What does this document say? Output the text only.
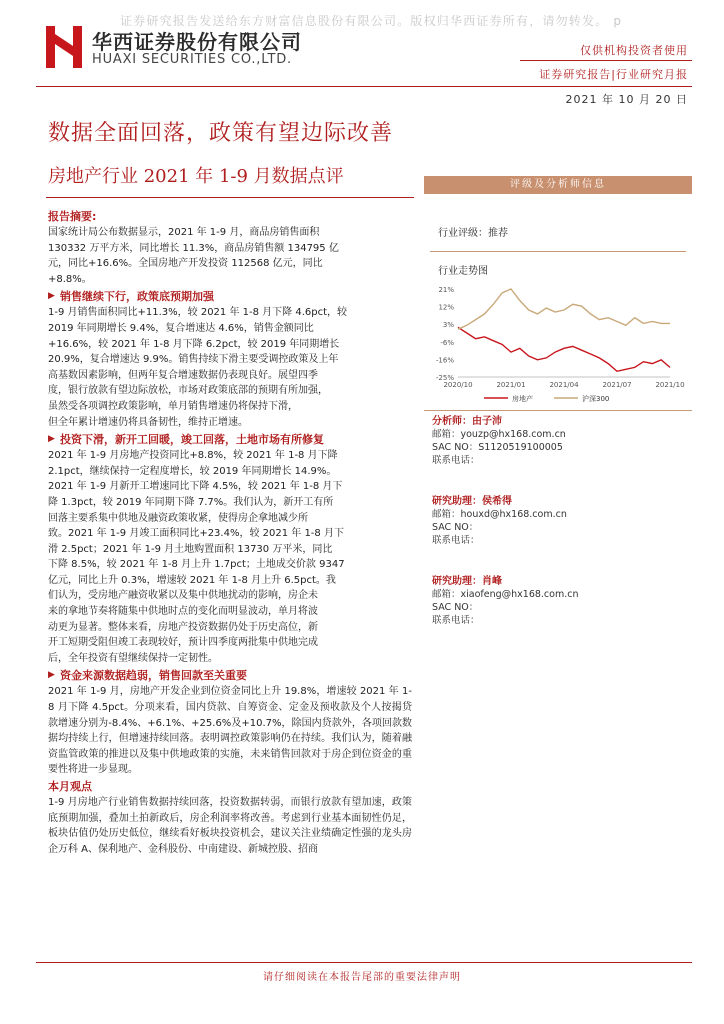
证券研究报告发送给东方财富信息股份有限公司。版权归华西证券所有，请勿转发。 p
华西证券股份有限公司
HUAXI SECURITIES CO.,LTD.
仅供机构投资者使用
证券研究报告|行业研究月报
2021 年 10 月 20 日
数据全面回落，政策有望边际改善
房地产行业 2021 年 1-9 月数据点评
报告摘要:

国家统计局公布数据显示，2021 年 1-9 月，商品房销售面积

130332 万平方米，同比增长 11.3%，商品房销售额 134795 亿

元，同比+16.6%。全国房地产开发投资 112568 亿元，同比

+8.8%。

▶ 销售继续下行，政策底预期加强

1-9 月销售面积同比+11.3%，较 2021 年 1-8 月下降 4.6pct，较

2019 年同期增长 9.4%，复合增速达 4.6%，销售金额同比

+16.6%，较 2021 年 1-8 月下降 6.2pct，较 2019 年同期增长

20.9%，复合增速达 9.9%。销售持续下滑主要受调控政策及上年

高基数因素影响，但两年复合增速数据仍表现良好。展望四季

度，银行放款有望边际放松，市场对政策底部的预期有所加强，

虽然受各项调控政策影响，单月销售增速仍将保持下滑，

但全年累计增速仍将具备韧性，维持正增速。

▶ 投资下滑，新开工回暖，竣工回落，土地市场有所修复

2021 年 1-9 月房地产投资同比+8.8%，较 2021 年 1-8 月下降

2.1pct，继续保持一定程度增长，较 2019 年同期增长 14.9%。

2021 年 1-9 月新开工增速同比下降 4.5%，较 2021 年 1-8 月下

降 1.3pct，较 2019 年同期下降 7.7%。我们认为，新开工有所

回落主要系集中供地及融资政策收紧，使得房企拿地减少所

致。2021 年 1-9 月竣工面积同比+23.4%，较 2021 年 1-8 月下

滑 2.5pct；2021 年 1-9 月土地购置面积 13730 万平米，同比

下降 8.5%，较 2021 年 1-8 月上升 1.7pct；土地成交价款 9347

亿元，同比上升 0.3%，增速较 2021 年 1-8 月上升 6.5pct。我

们认为，受房地产融资收紧以及集中供地扰动的影响，房企未

来的拿地节奏将随集中供地时点的变化而明显波动，单月将波

动更为显著。整体来看，房地产投资数据仍处于历史高位，新

开工短期受阻但竣工表现较好，预计四季度两批集中供地完成

后，全年投资有望继续保持一定韧性。

▶ 资金来源数据趋弱，销售回款至关重要

2021 年 1-9 月，房地产开发企业到位资金同比上升 19.8%，增速较 2021 年 1-8 月下降 4.5pct。分项来看，国内贷款、自筹资金、定金及预收款及个人按揭贷款增速分别为-8.4%、+6.1%、+25.6%及+10.7%，除国内贷款外，各项回款数据均持续上行，但增速持续回落。表明调控政策影响仍在持续。我们认为，随着融资监管政策的推进以及集中供地政策的实施，未来销售回款对于房企到位资金的重要性将进一步显现。

本月观点

1-9 月房地产行业销售数据持续回落，投资数据转弱，而银行放款有望加速，政策底预期加强，叠加土拍新政后，房企利润率将改善。考虑到行业基本面韧性仍足，板块估值仍处历史低位，继续看好板块投资机会，建议关注业绩确定性强的龙头房企万科 A、保利地产、金科股份、中南建设、新城控股、招商

评级及分析师信息
行业评级：推荐
行业走势图
21%
12%
3%
-6%
-16%
-25%
2020/10	2021/01	2021/04	2021/07	2021/10
房地产	沪深300
分析师：由子沛
邮箱：youzp@hx168.com.cn
SAC NO：S1120519100005
联系电话：
研究助理：侯希得
邮箱：houxd@hx168.com.cn
SAC NO：
联系电话：
研究助理：肖峰
邮箱：xiaofeng@hx168.com.cn
SAC NO：
联系电话：
请仔细阅读在本报告尾部的重要法律声明
